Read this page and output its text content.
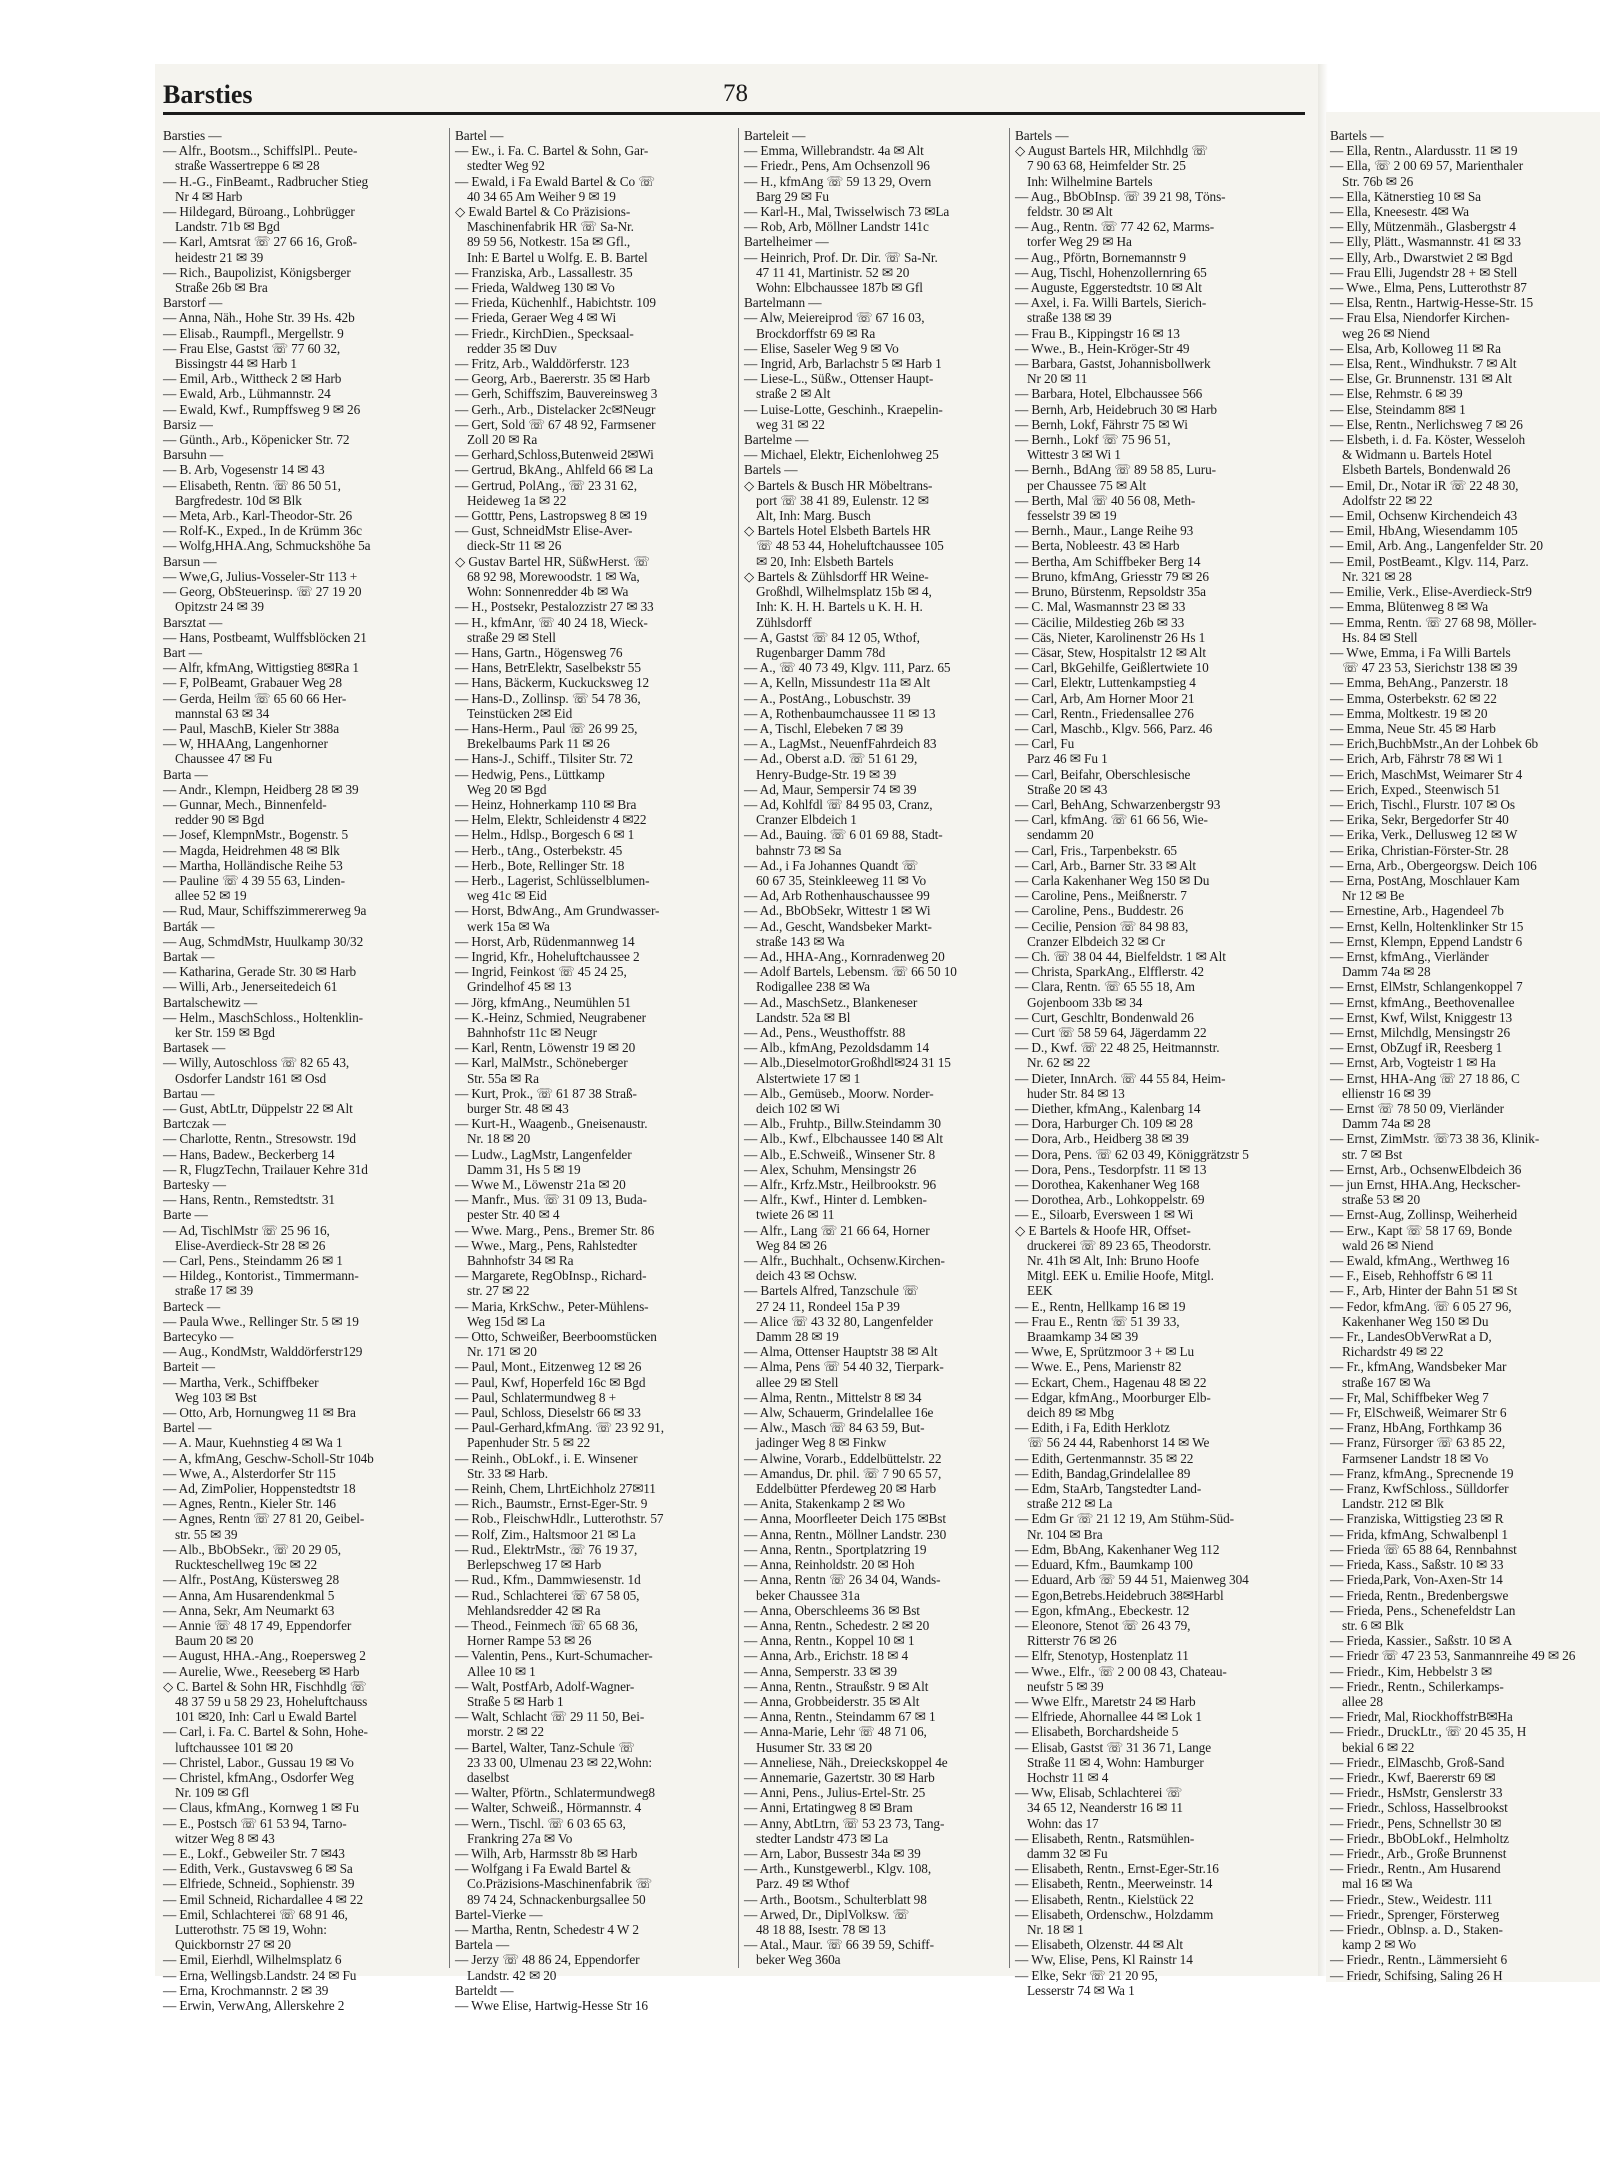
Barsties	78
Barsties —
— Alfr., Bootsm.., SchiffslPl.. Peute-
straße Wassertreppe 6 ✉ 28
— H.-G., FinBeamt., Radbrucher Stieg
Nr 4 ✉ Harb
— Hildegard, Büroang., Lohbrügger
Landstr. 71b ✉ Bgd
— Karl, Amtsrat ☏ 27 66 16, Groß-
heidestr 21 ✉ 39
— Rich., Baupolizist, Königsberger
Straße 26b ✉ Bra
Barstorf —
— Anna, Näh., Hohe Str. 39 Hs. 42b
— Elisab., Raumpfl., Mergellstr. 9
— Frau Else, Gastst ☏ 77 60 32,
Bissingstr 44 ✉ Harb 1
— Emil, Arb., Wittheck 2 ✉ Harb
— Ewald, Arb., Lühmannstr. 24
— Ewald, Kwf., Rumpffsweg 9 ✉ 26
Barsiz —
— Günth., Arb., Köpenicker Str. 72
Barsuhn —
— B. Arb, Vogesenstr 14 ✉ 43
— Elisabeth, Rentn. ☏ 86 50 51,
Bargfredestr. 10d ✉ Blk
— Meta, Arb., Karl-Theodor-Str. 26
— Rolf-K., Exped., In de Krümm 36c
— Wolfg,HHA.Ang, Schmuckshöhe 5a
Barsun —
— Wwe,G, Julius-Vosseler-Str 113 +
— Georg, ObSteuerinsp. ☏ 27 19 20
Opitzstr 24 ✉ 39
Barsztat —
— Hans, Postbeamt, Wulffsblöcken 21
Bart —
— Alfr, kfmAng, Wittigstieg 8✉Ra 1
— F, PolBeamt, Grabauer Weg 28
— Gerda, Heilm ☏ 65 60 66 Her-
mannstal 63 ✉ 34
— Paul, MaschB, Kieler Str 388a
— W, HHAAng, Langenhorner
Chaussee 47 ✉ Fu
Barta —
— Andr., Klempn, Heidberg 28 ✉ 39
— Gunnar, Mech., Binnenfeld-
redder 90 ✉ Bgd
— Josef, KlempnMstr., Bogenstr. 5
— Magda, Heidrehmen 48 ✉ Blk
— Martha, Holländische Reihe 53
— Pauline ☏ 4 39 55 63, Linden-
allee 52 ✉ 19
— Rud, Maur, Schiffszimmererweg 9a
Barták —
— Aug, SchmdMstr, Huulkamp 30/32
Bartak —
— Katharina, Gerade Str. 30 ✉ Harb
— Willi, Arb., Jenerseitedeich 61
Bartalschewitz —
— Helm., MaschSchloss., Holtenklin-
ker Str. 159 ✉ Bgd
Bartasek —
— Willy, Autoschloss ☏ 82 65 43,
Osdorfer Landstr 161 ✉ Osd
Bartau —
— Gust, AbtLtr, Düppelstr 22 ✉ Alt
Bartczak —
— Charlotte, Rentn., Stresowstr. 19d
— Hans, Badew., Beckerberg 14
— R, FlugzTechn, Trailauer Kehre 31d
Bartesky —
— Hans, Rentn., Remstedtstr. 31
Barte —
— Ad, TischlMstr ☏ 25 96 16,
Elise-Averdieck-Str 28 ✉ 26
— Carl, Pens., Steindamm 26 ✉ 1
— Hildeg., Kontorist., Timmermann-
straße 17 ✉ 39
Barteck —
— Paula Wwe., Rellinger Str. 5 ✉ 19
Bartecyko —
— Aug., KondMstr, Walddörferstr129
Barteit —
— Martha, Verk., Schiffbeker
Weg 103 ✉ Bst
— Otto, Arb, Hornungweg 11 ✉ Bra
Bartel —
— A. Maur, Kuehnstieg 4 ✉ Wa 1
— A, kfmAng, Geschw-Scholl-Str 104b
— Wwe, A., Alsterdorfer Str 115
— Ad, ZimPolier, Hoppenstedtstr 18
— Agnes, Rentn., Kieler Str. 146
— Agnes, Rentn ☏ 27 81 20, Geibel-
str. 55 ✉ 39
— Alb., BbObSekr., ☏ 20 29 05,
Ruckteschellweg 19c ✉ 22
— Alfr., PostAng, Küstersweg 28
— Anna, Am Husarendenkmal 5
— Anna, Sekr, Am Neumarkt 63
— Annie ☏ 48 17 49, Eppendorfer
Baum 20 ✉ 20
— August, HHA.-Ang., Roepersweg 2
— Aurelie, Wwe., Reeseberg ✉ Harb
◇ C. Bartel & Sohn HR, Fischhdlg ☏
48 37 59 u 58 29 23, Hoheluftchauss
101 ✉20, Inh: Carl u Ewald Bartel
— Carl, i. Fa. C. Bartel & Sohn, Hohe-
luftchaussee 101 ✉ 20
— Christel, Labor., Gussau 19 ✉ Vo
— Christel, kfmAng., Osdorfer Weg
Nr. 109 ✉ Gfl
— Claus, kfmAng., Kornweg 1 ✉ Fu
— E., Postsch ☏ 61 53 94, Tarno-
witzer Weg 8 ✉ 43
— E., Lokf., Gebweiler Str. 7 ✉43
— Edith, Verk., Gustavsweg 6 ✉ Sa
— Elfriede, Schneid., Sophienstr. 39
— Emil Schneid, Richardallee 4 ✉ 22
— Emil, Schlachterei ☏ 68 91 46,
Lutterothstr. 75 ✉ 19, Wohn:
Quickbornstr 27 ✉ 20
— Emil, Eierhdl, Wilhelmsplatz 6
— Erna, Wellingsb.Landstr. 24 ✉ Fu
— Erna, Krochmannstr. 2 ✉ 39
— Erwin, VerwAng, Allerskehre 2
Bartel —
— Ew., i. Fa. C. Bartel & Sohn, Gar-
stedter Weg 92
— Ewald, i Fa Ewald Bartel & Co ☏
40 34 65 Am Weiher 9 ✉ 19
◇ Ewald Bartel & Co Präzisions-
Maschinenfabrik HR ☏ Sa-Nr.
89 59 56, Notkestr. 15a ✉ Gfl.,
Inh: E Bartel u Wolfg. E. B. Bartel
— Franziska, Arb., Lassallestr. 35
— Frieda, Waldweg 130 ✉ Vo
— Frieda, Küchenhlf., Habichtstr. 109
— Frieda, Geraer Weg 4 ✉ Wi
— Friedr., KirchDien., Specksaal-
redder 35 ✉ Duv
— Fritz, Arb., Walddörferstr. 123
— Georg, Arb., Baererstr. 35 ✉ Harb
— Gerh, Schiffszim, Bauvereinsweg 3
— Gerh., Arb., Distelacker 2c✉Neugr
— Gert, Sold ☏ 67 48 92, Farmsener
Zoll 20 ✉ Ra
— Gerhard,Schloss,Butenweid 2✉Wi
— Gertrud, BkAng., Ahlfeld 66 ✉ La
— Gertrud, PolAng., ☏ 23 31 62,
Heideweg 1a ✉ 22
— Gotttr, Pens, Lastropsweg 8 ✉ 19
— Gust, SchneidMstr Elise-Aver-
dieck-Str 11 ✉ 26
◇ Gustav Bartel HR, SüßwHerst. ☏
68 92 98, Morewoodstr. 1 ✉ Wa,
Wohn: Sonnenredder 4b ✉ Wa
— H., Postsekr, Pestalozzistr 27 ✉ 33
— H., kfmAnr, ☏ 40 24 18, Wieck-
straße 29 ✉ Stell
— Hans, Gartn., Högensweg 76
— Hans, BetrElektr, Saselbekstr 55
— Hans, Bäckerm, Kuckucksweg 12
— Hans-D., Zollinsp. ☏ 54 78 36,
Teinstücken 2✉ Eid
— Hans-Herm., Paul ☏ 26 99 25,
Brekelbaums Park 11 ✉ 26
— Hans-J., Schiff., Tilsiter Str. 72
— Hedwig, Pens., Lüttkamp
Weg 20 ✉ Bgd
— Heinz, Hohnerkamp 110 ✉ Bra
— Helm, Elektr, Schleidenstr 4 ✉22
— Helm., Hdlsp., Borgesch 6 ✉ 1
— Herb., tAng., Osterbekstr. 45
— Herb., Bote, Rellinger Str. 18
— Herb., Lagerist, Schlüsselblumen-
weg 41c ✉ Eid
— Horst, BdwAng., Am Grundwasser-
werk 15a ✉ Wa
— Horst, Arb, Rüdenmannweg 14
— Ingrid, Kfr., Hoheluftchaussee 2
— Ingrid, Feinkost ☏ 45 24 25,
Grindelhof 45 ✉ 13
— Jörg, kfmAng., Neumühlen 51
— K.-Heinz, Schmied, Neugrabener
Bahnhofstr 11c ✉ Neugr
— Karl, Rentn, Löwenstr 19 ✉ 20
— Karl, MalMstr., Schöneberger
Str. 55a ✉ Ra
— Kurt, Prok., ☏ 61 87 38 Straß-
burger Str. 48 ✉ 43
— Kurt-H., Waagenb., Gneisenaustr.
Nr. 18 ✉ 20
— Ludw., LagMstr, Langenfelder
Damm 31, Hs 5 ✉ 19
— Wwe M., Löwenstr 21a ✉ 20
— Manfr., Mus. ☏ 31 09 13, Buda-
pester Str. 40 ✉ 4
— Wwe. Marg., Pens., Bremer Str. 86
— Wwe., Marg., Pens, Rahlstedter
Bahnhofstr 34 ✉ Ra
— Margarete, RegObInsp., Richard-
str. 27 ✉ 22
— Maria, KrkSchw., Peter-Mühlens-
Weg 15d ✉ La
— Otto, Schweißer, Beerboomstücken
Nr. 171 ✉ 20
— Paul, Mont., Eitzenweg 12 ✉ 26
— Paul, Kwf, Hoperfeld 16c ✉ Bgd
— Paul, Schlatermundweg 8 +
— Paul, Schloss, Dieselstr 66 ✉ 33
— Paul-Gerhard,kfmAng. ☏ 23 92 91,
Papenhuder Str. 5 ✉ 22
— Reinh., ObLokf., i. E. Winsener
Str. 33 ✉ Harb.
— Reinh, Chem, LhrtEichholz 27✉11
— Rich., Baumstr., Ernst-Eger-Str. 9
— Rob., FleischwHdlr., Lutterothstr. 57
— Rolf, Zim., Haltsmoor 21 ✉ La
— Rud., ElektrMstr., ☏ 76 19 37,
Berlepschweg 17 ✉ Harb
— Rud., Kfm., Dammwiesenstr. 1d
— Rud., Schlachterei ☏ 67 58 05,
Mehlandsredder 42 ✉ Ra
— Theod., Feinmech ☏ 65 68 36,
Horner Rampe 53 ✉ 26
— Valentin, Pens., Kurt-Schumacher-
Allee 10 ✉ 1
— Walt, PostfArb, Adolf-Wagner-
Straße 5 ✉ Harb 1
— Walt, Schlacht ☏ 29 11 50, Bei-
morstr. 2 ✉ 22
— Bartel, Walter, Tanz-Schule ☏
23 33 00, Ulmenau 23 ✉ 22,Wohn:
daselbst
— Walter, Pförtn., Schlatermundweg8
— Walter, Schweiß., Hörmannstr. 4
— Wern., Tischl. ☏ 6 03 65 63,
Frankring 27a ✉ Vo
— Wilh, Arb, Harmsstr 8b ✉ Harb
— Wolfgang i Fa Ewald Bartel &
Co.Präzisions-Maschinenfabrik ☏
89 74 24, Schnackenburgsallee 50
Bartel-Vierke —
— Martha, Rentn, Schedestr 4 W 2
Bartela —
— Jerzy ☏ 48 86 24, Eppendorfer
Landstr. 42 ✉ 20
Barteldt —
— Wwe Elise, Hartwig-Hesse Str 16
Barteleit —
— Emma, Willebrandstr. 4a ✉ Alt
— Friedr., Pens, Am Ochsenzoll 96
— H., kfmAng ☏ 59 13 29, Overn
Barg 29 ✉ Fu
— Karl-H., Mal, Twisselwisch 73 ✉La
— Rob, Arb, Möllner Landstr 141c
Bartelheimer —
— Heinrich, Prof. Dr. Dir. ☏ Sa-Nr.
47 11 41, Martinistr. 52 ✉ 20
Wohn: Elbchaussee 187b ✉ Gfl
Bartelmann —
— Alw, Meiereiprod ☏ 67 16 03,
Brockdorffstr 69 ✉ Ra
— Elise, Saseler Weg 9 ✉ Vo
— Ingrid, Arb, Barlachstr 5 ✉ Harb 1
— Liese-L., Süßw., Ottenser Haupt-
straße 2 ✉ Alt
— Luise-Lotte, Geschinh., Kraepelin-
weg 31 ✉ 22
Bartelme —
— Michael, Elektr, Eichenlohweg 25
Bartels —
◇ Bartels & Busch HR Möbeltrans-
port ☏ 38 41 89, Eulenstr. 12 ✉
Alt, Inh: Marg. Busch
◇ Bartels Hotel Elsbeth Bartels HR
☏ 48 53 44, Hoheluftchaussee 105
✉ 20, Inh: Elsbeth Bartels
◇ Bartels & Zühlsdorff HR Weine-
Großhdl, Wilhelmsplatz 15b ✉ 4,
Inh: K. H. H. Bartels u K. H. H.
Zühlsdorff
— A, Gastst ☏ 84 12 05, Wthof,
Rugenbarger Damm 78d
— A., ☏ 40 73 49, Klgv. 111, Parz. 65
— A, Kelln, Missundestr 11a ✉ Alt
— A., PostAng., Lobuschstr. 39
— A, Rothenbaumchaussee 11 ✉ 13
— A, Tischl, Elebeken 7 ✉ 39
— A., LagMst., NeuenfFahrdeich 83
— Ad., Oberst a.D. ☏ 51 61 29,
Henry-Budge-Str. 19 ✉ 39
— Ad, Maur, Sempersir 74 ✉ 39
— Ad, Kohlfdl ☏ 84 95 03, Cranz,
Cranzer Elbdeich 1
— Ad., Bauing. ☏ 6 01 69 88, Stadt-
bahnstr 73 ✉ Sa
— Ad., i Fa Johannes Quandt ☏
60 67 35, Steinkleeweg 11 ✉ Vo
— Ad, Arb Rothenhauschaussee 99
— Ad., BbObSekr, Wittestr 1 ✉ Wi
— Ad., Gescht, Wandsbeker Markt-
straße 143 ✉ Wa
— Ad., HHA-Ang., Kornradenweg 20
— Adolf Bartels, Lebensm. ☏ 66 50 10
Rodigallee 238 ✉ Wa
— Ad., MaschSetz., Blankeneser
Landstr. 52a ✉ Bl
— Ad., Pens., Weusthoffstr. 88
— Alb., kfmAng, Pezoldsdamm 14
— Alb.,DieselmotorGroßhdl✉24 31 15
Alstertwiete 17 ✉ 1
— Alb., Gemüseb., Moorw. Norder-
deich 102 ✉ Wi
— Alb., Fruhtp., Billw.Steindamm 30
— Alb., Kwf., Elbchaussee 140 ✉ Alt
— Alb., E.Schweiß., Winsener Str. 8
— Alex, Schuhm, Mensingstr 26
— Alfr., Krfz.Mstr., Heilbrookstr. 96
— Alfr., Kwf., Hinter d. Lembken-
twiete 26 ✉ 11
— Alfr., Lang ☏ 21 66 64, Horner
Weg 84 ✉ 26
— Alfr., Buchhalt., Ochsenw.Kirchen-
deich 43 ✉ Ochsw.
— Bartels Alfred, Tanzschule ☏
27 24 11, Rondeel 15a P 39
— Alice ☏ 43 32 80, Langenfelder
Damm 28 ✉ 19
— Alma, Ottenser Hauptstr 38 ✉ Alt
— Alma, Pens ☏ 54 40 32, Tierpark-
allee 29 ✉ Stell
— Alma, Rentn., Mittelstr 8 ✉ 34
— Alw, Schauerm, Grindelallee 16e
— Alw., Masch ☏ 84 63 59, But-
jadinger Weg 8 ✉ Finkw
— Alwine, Vorarb., Eddelbüttelstr. 22
— Amandus, Dr. phil. ☏ 7 90 65 57,
Eddelbütter Pferdeweg 20 ✉ Harb
— Anita, Stakenkamp 2 ✉ Wo
— Anna, Moorfleeter Deich 175 ✉Bst
— Anna, Rentn., Möllner Landstr. 230
— Anna, Rentn., Sportplatzring 19
— Anna, Reinholdstr. 20 ✉ Hoh
— Anna, Rentn ☏ 26 34 04, Wands-
beker Chaussee 31a
— Anna, Oberschleems 36 ✉ Bst
— Anna, Rentn., Schedestr. 2 ✉ 20
— Anna, Rentn., Koppel 10 ✉ 1
— Anna, Arb., Erichstr. 18 ✉ 4
— Anna, Semperstr. 33 ✉ 39
— Anna, Rentn., Straußstr. 9 ✉ Alt
— Anna, Grobbeiderstr. 35 ✉ Alt
— Anna, Rentn., Steindamm 67 ✉ 1
— Anna-Marie, Lehr ☏ 48 71 06,
Husumer Str. 33 ✉ 20
— Anneliese, Näh., Dreieckskoppel 4e
— Annemarie, Gazertstr. 30 ✉ Harb
— Anni, Pens., Julius-Ertel-Str. 25
— Anni, Ertatingweg 8 ✉ Bram
— Anny, AbtLtrn, ☏ 53 23 73, Tang-
stedter Landstr 473 ✉ La
— Arn, Labor, Bussestr 34a ✉ 39
— Arth., Kunstgewerbl., Klgv. 108,
Parz. 49 ✉ Wthof
— Arth., Bootsm., Schulterblatt 98
— Arwed, Dr., DiplVolksw. ☏
48 18 88, Isestr. 78 ✉ 13
— Atal., Maur. ☏ 66 39 59, Schiff-
beker Weg 360a
Bartels —
◇ August Bartels HR, Milchhdlg ☏
7 90 63 68, Heimfelder Str. 25
Inh: Wilhelmine Bartels
— Aug., BbObInsp. ☏ 39 21 98, Töns-
feldstr. 30 ✉ Alt
— Aug., Rentn. ☏ 77 42 62, Marms-
torfer Weg 29 ✉ Ha
— Aug., Pförtn, Bornemannstr 9
— Aug, Tischl, Hohenzollernring 65
— Auguste, Eggerstedtstr. 10 ✉ Alt
— Axel, i. Fa. Willi Bartels, Sierich-
straße 138 ✉ 39
— Frau B., Kippingstr 16 ✉ 13
— Wwe., B., Hein-Kröger-Str 49
— Barbara, Gastst, Johannisbollwerk
Nr 20 ✉ 11
— Barbara, Hotel, Elbchaussee 566
— Bernh, Arb, Heidebruch 30 ✉ Harb
— Bernh, Lokf, Fährstr 75 ✉ Wi
— Bernh., Lokf ☏ 75 96 51,
Wittestr 3 ✉ Wi 1
— Bernh., BdAng ☏ 89 58 85, Luru-
per Chaussee 75 ✉ Alt
— Berth, Mal ☏ 40 56 08, Meth-
fesselstr 39 ✉ 19
— Bernh., Maur., Lange Reihe 93
— Berta, Nobleestr. 43 ✉ Harb
— Bertha, Am Schiffbeker Berg 14
— Bruno, kfmAng, Griesstr 79 ✉ 26
— Bruno, Bürstenm, Repsoldstr 35a
— C. Mal, Wasmannstr 23 ✉ 33
— Cäcilie, Mildestieg 26b ✉ 33
— Cäs, Nieter, Karolinenstr 26 Hs 1
— Cäsar, Stew, Hospitalstr 12 ✉ Alt
— Carl, BkGehilfe, Geißlertwiete 10
— Carl, Elektr, Luttenkampstieg 4
— Carl, Arb, Am Horner Moor 21
— Carl, Rentn., Friedensallee 276
— Carl, Maschb., Klgv. 566, Parz. 46
— Carl, Fu
Parz 46 ✉ Fu 1
— Carl, Beifahr, Oberschlesische
Straße 20 ✉ 43
— Carl, BehAng, Schwarzenbergstr 93
— Carl, kfmAng. ☏ 61 66 56, Wie-
sendamm 20
— Carl, Fris., Tarpenbekstr. 65
— Carl, Arb., Barner Str. 33 ✉ Alt
— Carla Kakenhaner Weg 150 ✉ Du
— Caroline, Pens., Meißnerstr. 7
— Caroline, Pens., Buddestr. 26
— Cecilie, Pension ☏ 84 98 83,
Cranzer Elbdeich 32 ✉ Cr
— Ch. ☏ 38 04 44, Bielfeldstr. 1 ✉ Alt
— Christa, SparkAng., Elfflerstr. 42
— Clara, Rentn. ☏ 65 55 18, Am
Gojenboom 33b ✉ 34
— Curt, Geschltr, Bondenwald 26
— Curt ☏ 58 59 64, Jägerdamm 22
— D., Kwf. ☏ 22 48 25, Heitmannstr.
Nr. 62 ✉ 22
— Dieter, InnArch. ☏ 44 55 84, Heim-
huder Str. 84 ✉ 13
— Diether, kfmAng., Kalenbarg 14
— Dora, Harburger Ch. 109 ✉ 28
— Dora, Arb., Heidberg 38 ✉ 39
— Dora, Pens. ☏ 62 03 49, Königgrätzstr 5
— Dora, Pens., Tesdorpfstr. 11 ✉ 13
— Dorothea, Kakenhaner Weg 168
— Dorothea, Arb., Lohkoppelstr. 69
— E., Siloarb, Eversween 1 ✉ Wi
◇ E Bartels & Hoofe HR, Offset-
druckerei ☏ 89 23 65, Theodorstr.
Nr. 41h ✉ Alt, Inh: Bruno Hoofe
Mitgl. EEK u. Emilie Hoofe, Mitgl.
EEK
— E., Rentn, Hellkamp 16 ✉ 19
— Frau E., Rentn ☏ 51 39 33,
Braamkamp 34 ✉ 39
— Wwe, E, Sprützmoor 3 + ✉ Lu
— Wwe. E., Pens, Marienstr 82
— Eckart, Chem., Hagenau 48 ✉ 22
— Edgar, kfmAng., Moorburger Elb-
deich 89 ✉ Mbg
— Edith, i Fa, Edith Herklotz
☏ 56 24 44, Rabenhorst 14 ✉ We
— Edith, Gertenmannstr. 35 ✉ 22
— Edith, Bandag,Grindelallee 89
— Edm, StaArb, Tangstedter Land-
straße 212 ✉ La
— Edm Gr ☏ 21 12 19, Am Stühm-Süd-
Nr. 104 ✉ Bra
— Edm, BbAng, Kakenhaner Weg 112
— Eduard, Kfm., Baumkamp 100
— Eduard, Arb ☏ 59 44 51, Maienweg 304
— Egon,Betrebs.Heidebruch 38✉Harbl
— Egon, kfmAng., Ebeckestr. 12
— Eleonore, Stenot ☏ 26 43 79,
Ritterstr 76 ✉ 26
— Elfr, Stenotyp, Hostenplatz 11
— Wwe., Elfr., ☏ 2 00 08 43, Chateau-
neufstr 5 ✉ 39
— Wwe Elfr., Maretstr 24 ✉ Harb
— Elfriede, Ahornallee 44 ✉ Lok 1
— Elisabeth, Borchardsheide 5
— Elisab, Gastst ☏ 31 36 71, Lange
Straße 11 ✉ 4, Wohn: Hamburger
Hochstr 11 ✉ 4
— Ww, Elisab, Schlachterei ☏
34 65 12, Neanderstr 16 ✉ 11
Wohn: das 17
— Elisabeth, Rentn., Ratsmühlen-
damm 32 ✉ Fu
— Elisabeth, Rentn., Ernst-Eger-Str.16
— Elisabeth, Rentn., Meerweinstr. 14
— Elisabeth, Rentn., Kielstück 22
— Elisabeth, Ordenschw., Holzdamm
Nr. 18 ✉ 1
— Elisabeth, Olzenstr. 44 ✉ Alt
— Ww, Elise, Pens, Kl Rainstr 14
— Elke, Sekr ☏ 21 20 95,
Lesserstr 74 ✉ Wa 1
Bartels —
— Ella, Rentn., Alardusstr. 11 ✉ 19
— Ella, ☏ 2 00 69 57, Marienthaler
Str. 76b ✉ 26
— Ella, Kätnerstieg 10 ✉ Sa
— Ella, Kneesestr. 4✉ Wa
— Elly, Mützenmäh., Glasbergstr 4
— Elly, Plätt., Wasmannstr. 41 ✉ 33
— Elly, Arb., Dwarstwiet 2 ✉ Bgd
— Frau Elli, Jugendstr 28 + ✉ Stell
— Wwe., Elma, Pens, Lutterothstr 87
— Elsa, Rentn., Hartwig-Hesse-Str. 15
— Frau Elsa, Niendorfer Kirchen-
weg 26 ✉ Niend
— Elsa, Arb, Kolloweg 11 ✉ Ra
— Elsa, Rent., Windhukstr. 7 ✉ Alt
— Else, Gr. Brunnenstr. 131 ✉ Alt
— Else, Rehmstr. 6 ✉ 39
— Else, Steindamm 8✉ 1
— Else, Rentn., Nerlichsweg 7 ✉ 26
— Elsbeth, i. d. Fa. Köster, Wesseloh
& Widmann u. Bartels Hotel
Elsbeth Bartels, Bondenwald 26
— Emil, Dr., Notar iR ☏ 22 48 30,
Adolfstr 22 ✉ 22
— Emil, Ochsenw Kirchendeich 43
— Emil, HbAng, Wiesendamm 105
— Emil, Arb. Ang., Langenfelder Str. 20
— Emil, PostBeamt., Klgv. 114, Parz.
Nr. 321 ✉ 28
— Emilie, Verk., Elise-Averdieck-Str9
— Emma, Blütenweg 8 ✉ Wa
— Emma, Rentn. ☏ 27 68 98, Möller-
Hs. 84 ✉ Stell
— Wwe, Emma, i Fa Willi Bartels
☏ 47 23 53, Sierichstr 138 ✉ 39
— Emma, BehAng., Panzerstr. 18
— Emma, Osterbekstr. 62 ✉ 22
— Emma, Moltkestr. 19 ✉ 20
— Emma, Neue Str. 45 ✉ Harb
— Erich,BuchbMstr.,An der Lohbek 6b
— Erich, Arb, Fährstr 78 ✉ Wi 1
— Erich, MaschMst, Weimarer Str 4
— Erich, Exped., Steenwisch 51
— Erich, Tischl., Flurstr. 107 ✉ Os
— Erika, Sekr, Bergedorfer Str 40
— Erika, Verk., Dellusweg 12 ✉ W
— Erika, Christian-Förster-Str. 28
— Erna, Arb., Obergeorgsw. Deich 106
— Erna, PostAng, Moschlauer Kam
Nr 12 ✉ Be
— Ernestine, Arb., Hagendeel 7b
— Ernst, Kelln, Holtenklinker Str 15
— Ernst, Klempn, Eppend Landstr 6
— Ernst, kfmAng., Vierländer
Damm 74a ✉ 28
— Ernst, ElMstr, Schlangenkoppel 7
— Ernst, kfmAng., Beethovenallee
— Ernst, Kwf, Wilst, Kniggestr 13
— Ernst, Milchdlg, Mensingstr 26
— Ernst, ObZugf iR, Reesberg 1
— Ernst, Arb, Vogteistr 1 ✉ Ha
— Ernst, HHA-Ang ☏ 27 18 86, C
ellienstr 16 ✉ 39
— Ernst ☏ 78 50 09, Vierländer
Damm 74a ✉ 28
— Ernst, ZimMstr. ☏73 38 36, Klinik-
str. 7 ✉ Bst
— Ernst, Arb., OchsenwElbdeich 36
— jun Ernst, HHA.Ang, Heckscher-
straße 53 ✉ 20
— Ernst-Aug, Zollinsp, Weiherheid
— Erw., Kapt ☏ 58 17 69, Bonde
wald 26 ✉ Niend
— Ewald, kfmAng., Werthweg 16
— F., Eiseb, Rehhoffstr 6 ✉ 11
— F., Arb, Hinter der Bahn 51 ✉ St
— Fedor, kfmAng. ☏ 6 05 27 96,
Kakenhaner Weg 150 ✉ Du
— Fr., LandesObVerwRat a D,
Richardstr 49 ✉ 22
— Fr., kfmAng, Wandsbeker Mar
straße 167 ✉ Wa
— Fr, Mal, Schiffbeker Weg 7
— Fr, ElSchweiß, Weimarer Str 6
— Franz, HbAng, Forthkamp 36
— Franz, Fürsorger ☏ 63 85 22,
Farmsener Landstr 18 ✉ Vo
— Franz, kfmAng., Sprecnende 19
— Franz, KwfSchloss., Sülldorfer
Landstr. 212 ✉ Blk
— Franziska, Wittigstieg 23 ✉ R
— Frida, kfmAng, Schwalbenpl 1
— Frieda ☏ 65 88 64, Rennbahnst
— Frieda, Kass., Saßstr. 10 ✉ 33
— Frieda,Park, Von-Axen-Str 14
— Frieda, Rentn., Bredenbergswe
— Frieda, Pens., Schenefeldstr Lan
str. 6 ✉ Blk
— Frieda, Kassier., Saßstr. 10 ✉ A
— Friedr ☏ 47 23 53, Sanmannreihe 49 ✉ 26
— Friedr., Kim, Hebbelstr 3 ✉
— Friedr., Rentn., Schilerkamps-
allee 28
— Friedr, Mal, RiockhoffstrB✉Ha
— Friedr., DruckLtr., ☏ 20 45 35, H
bekial 6 ✉ 22
— Friedr., ElMaschb, Groß-Sand
— Friedr., Kwf, Baererstr 69 ✉
— Friedr., HsMstr, Genslerstr 33
— Friedr., Schloss, Hasselbrookst
— Friedr., Pens, Schnellstr 30 ✉
— Friedr., BbObLokf., Helmholtz
— Friedr., Arb., Große Brunnenst
— Friedr., Rentn., Am Husarend
mal 16 ✉ Wa
— Friedr., Stew., Weidestr. 111
— Friedr., Sprenger, Försterweg
— Friedr., Oblnsp. a. D., Staken-
kamp 2 ✉ Wo
— Friedr., Rentn., Lämmersieht 6
— Friedr, Schifsing, Saling 26 H
